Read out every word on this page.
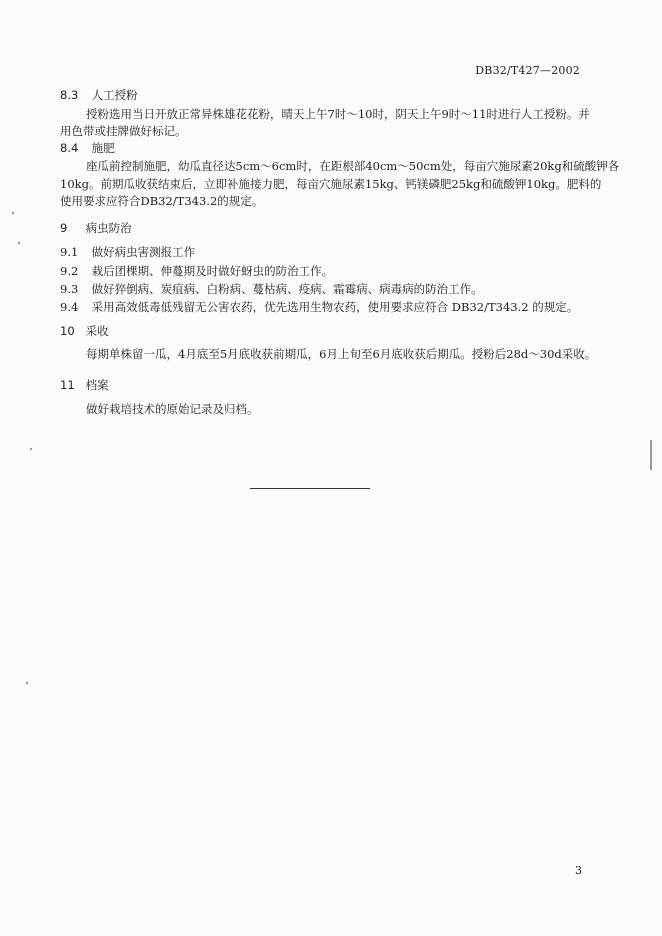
DB32/T427—2002
8.3 人工授粉
授粉选用当日开放正常异株雄花花粉，晴天上午7时～10时，阴天上午9时～11时进行人工授粉。并
用色带或挂牌做好标记。
8.4 施肥
座瓜前控制施肥，幼瓜直径达5cm～6cm时，在距根部40cm～50cm处，每亩穴施尿素20kg和硫酸钾各
10kg。前期瓜收获结束后，立即补施接力肥，每亩穴施尿素15kg、钙镁磷肥25kg和硫酸钾10kg。肥料的
使用要求应符合DB32/T343.2的规定。
9 病虫防治
9.1 做好病虫害测报工作
9.2 栽后团棵期、伸蔓期及时做好蚜虫的防治工作。
9.3 做好猝倒病、炭疽病、白粉病、蔓枯病、疫病、霜霉病、病毒病的防治工作。
9.4 采用高效低毒低残留无公害农药，优先选用生物农药，使用要求应符合 DB32/T343.2 的规定。
10 采收
每期单株留一瓜，4月底至5月底收获前期瓜，6月上旬至6月底收获后期瓜。授粉后28d～30d采收。
11 档案
做好栽培技术的原始记录及归档。
3
